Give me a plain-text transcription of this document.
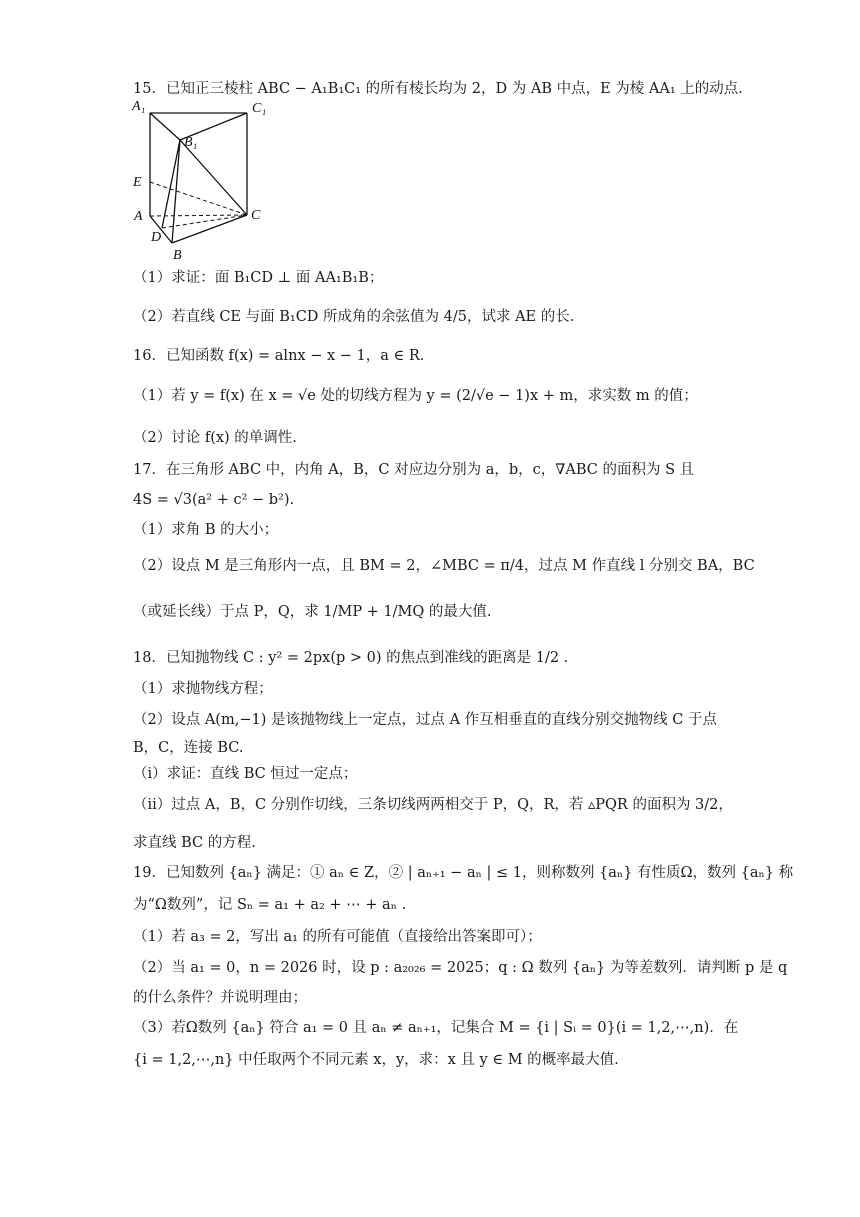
15．已知正三棱柱 ABC − A₁B₁C₁ 的所有棱长均为 2，D 为 AB 中点，E 为棱 AA₁ 上的动点．
A₁	C₁
B₁
E
A	C
D
B
（1）求证：面 B₁CD ⊥ 面 AA₁B₁B；
（2）若直线 CE 与面 B₁CD 所成角的余弦值为 4/5，试求 AE 的长．
16．已知函数 f(x) = alnx − x − 1，a ∈ R．
（1）若 y = f(x) 在 x = √e 处的切线方程为 y = (2/√e − 1)x + m，求实数 m 的值；
（2）讨论 f(x) 的单调性.
17．在三角形 ABC 中，内角 A，B，C 对应边分别为 a，b，c，∇ABC 的面积为 S 且
4S = √3(a² + c² − b²).
（1）求角 B 的大小；
（2）设点 M 是三角形内一点，且 BM = 2，∠MBC = π/4，过点 M 作直线 l 分别交 BA，BC
（或延长线）于点 P，Q，求 1/MP + 1/MQ 的最大值.
18．已知抛物线 C : y² = 2px(p > 0) 的焦点到准线的距离是 1/2 .
（1）求抛物线方程；
（2）设点 A(m,−1) 是该抛物线上一定点，过点 A 作互相垂直的直线分别交抛物线 C 于点
B，C，连接 BC.
（ⅰ）求证：直线 BC 恒过一定点；
（ⅱ）过点 A，B，C 分别作切线，三条切线两两相交于 P，Q，R，若 ▵PQR 的面积为 3/2，
求直线 BC 的方程.
19．已知数列 {aₙ} 满足：① aₙ ∈ Z，② | aₙ₊₁ − aₙ | ≤ 1，则称数列 {aₙ} 有性质Ω，数列 {aₙ} 称
为“Ω数列”，记 Sₙ = a₁ + a₂ + ⋯ + aₙ .
（1）若 a₃ = 2，写出 a₁ 的所有可能值（直接给出答案即可）；
（2）当 a₁ = 0，n = 2026 时，设 p : a₂₀₂₆ = 2025；q : Ω 数列 {aₙ} 为等差数列．请判断 p 是 q
的什么条件？并说明理由；
（3）若Ω数列 {aₙ} 符合 a₁ = 0 且 aₙ ≠ aₙ₊₁，记集合 M = {i | Sᵢ = 0}(i = 1,2,⋯,n)．在
{i = 1,2,⋯,n} 中任取两个不同元素 x，y，求：x 且 y ∈ M 的概率最大值.
